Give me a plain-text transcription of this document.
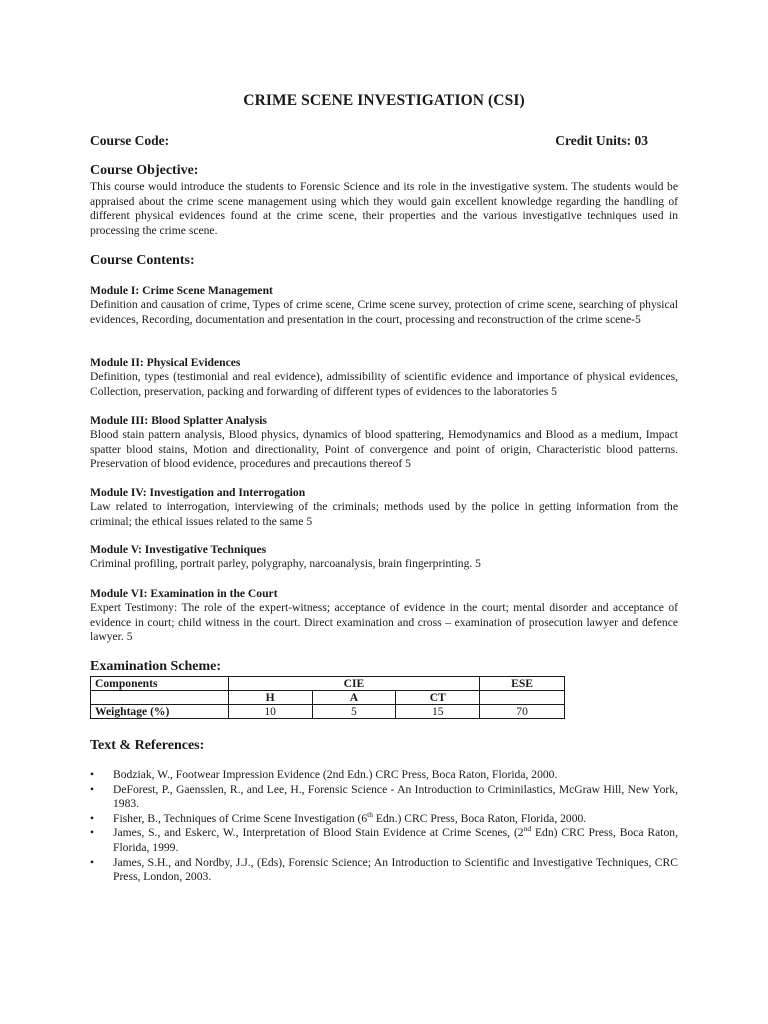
CRIME SCENE INVESTIGATION (CSI)
Course Code:	Credit Units: 03
Course Objective:
This course would introduce the students to Forensic Science and its role in the investigative system. The students would be appraised about the crime scene management using which they would gain excellent knowledge regarding the handling of different physical evidences found at the crime scene, their properties and the various investigative techniques used in processing the crime scene.
Course Contents:
Module I: Crime Scene Management
Definition and causation of crime, Types of crime scene, Crime scene survey, protection of crime scene, searching of physical evidences, Recording, documentation and presentation in the court, processing and reconstruction of the crime scene-5
Module II: Physical Evidences
Definition, types (testimonial and real evidence), admissibility of scientific evidence and importance of physical evidences, Collection, preservation, packing and forwarding of different types of evidences to the laboratories 5
Module III: Blood Splatter Analysis
Blood stain pattern analysis, Blood physics, dynamics of blood spattering, Hemodynamics and Blood as a medium, Impact spatter blood stains, Motion and directionality, Point of convergence and point of origin, Characteristic blood patterns. Preservation of blood evidence, procedures and precautions thereof 5
Module IV: Investigation and Interrogation
Law related to interrogation, interviewing of the criminals; methods used by the police in getting information from the criminal; the ethical issues related to the same 5
Module V: Investigative Techniques
Criminal profiling, portrait parley, polygraphy, narcoanalysis, brain fingerprinting. 5
Module VI: Examination in the Court
Expert Testimony: The role of the expert-witness; acceptance of evidence in the court; mental disorder and acceptance of evidence in court; child witness in the court. Direct examination and cross – examination of prosecution lawyer and defence lawyer. 5
Examination Scheme:
Components	CIE			ESE
	H	A	CT	
Weightage (%)	10	5	15	70
Text & References:
• Bodziak, W., Footwear Impression Evidence (2nd Edn.) CRC Press, Boca Raton, Florida, 2000.
• DeForest, P., Gaensslen, R., and Lee, H., Forensic Science - An Introduction to Criminilastics, McGraw Hill, New York, 1983.
• Fisher, B., Techniques of Crime Scene Investigation (6th Edn.) CRC Press, Boca Raton, Florida, 2000.
• James, S., and Eskerc, W., Interpretation of Blood Stain Evidence at Crime Scenes, (2nd Edn) CRC Press, Boca Raton, Florida, 1999.
• James, S.H., and Nordby, J.J., (Eds), Forensic Science; An Introduction to Scientific and Investigative Techniques, CRC Press, London, 2003.
